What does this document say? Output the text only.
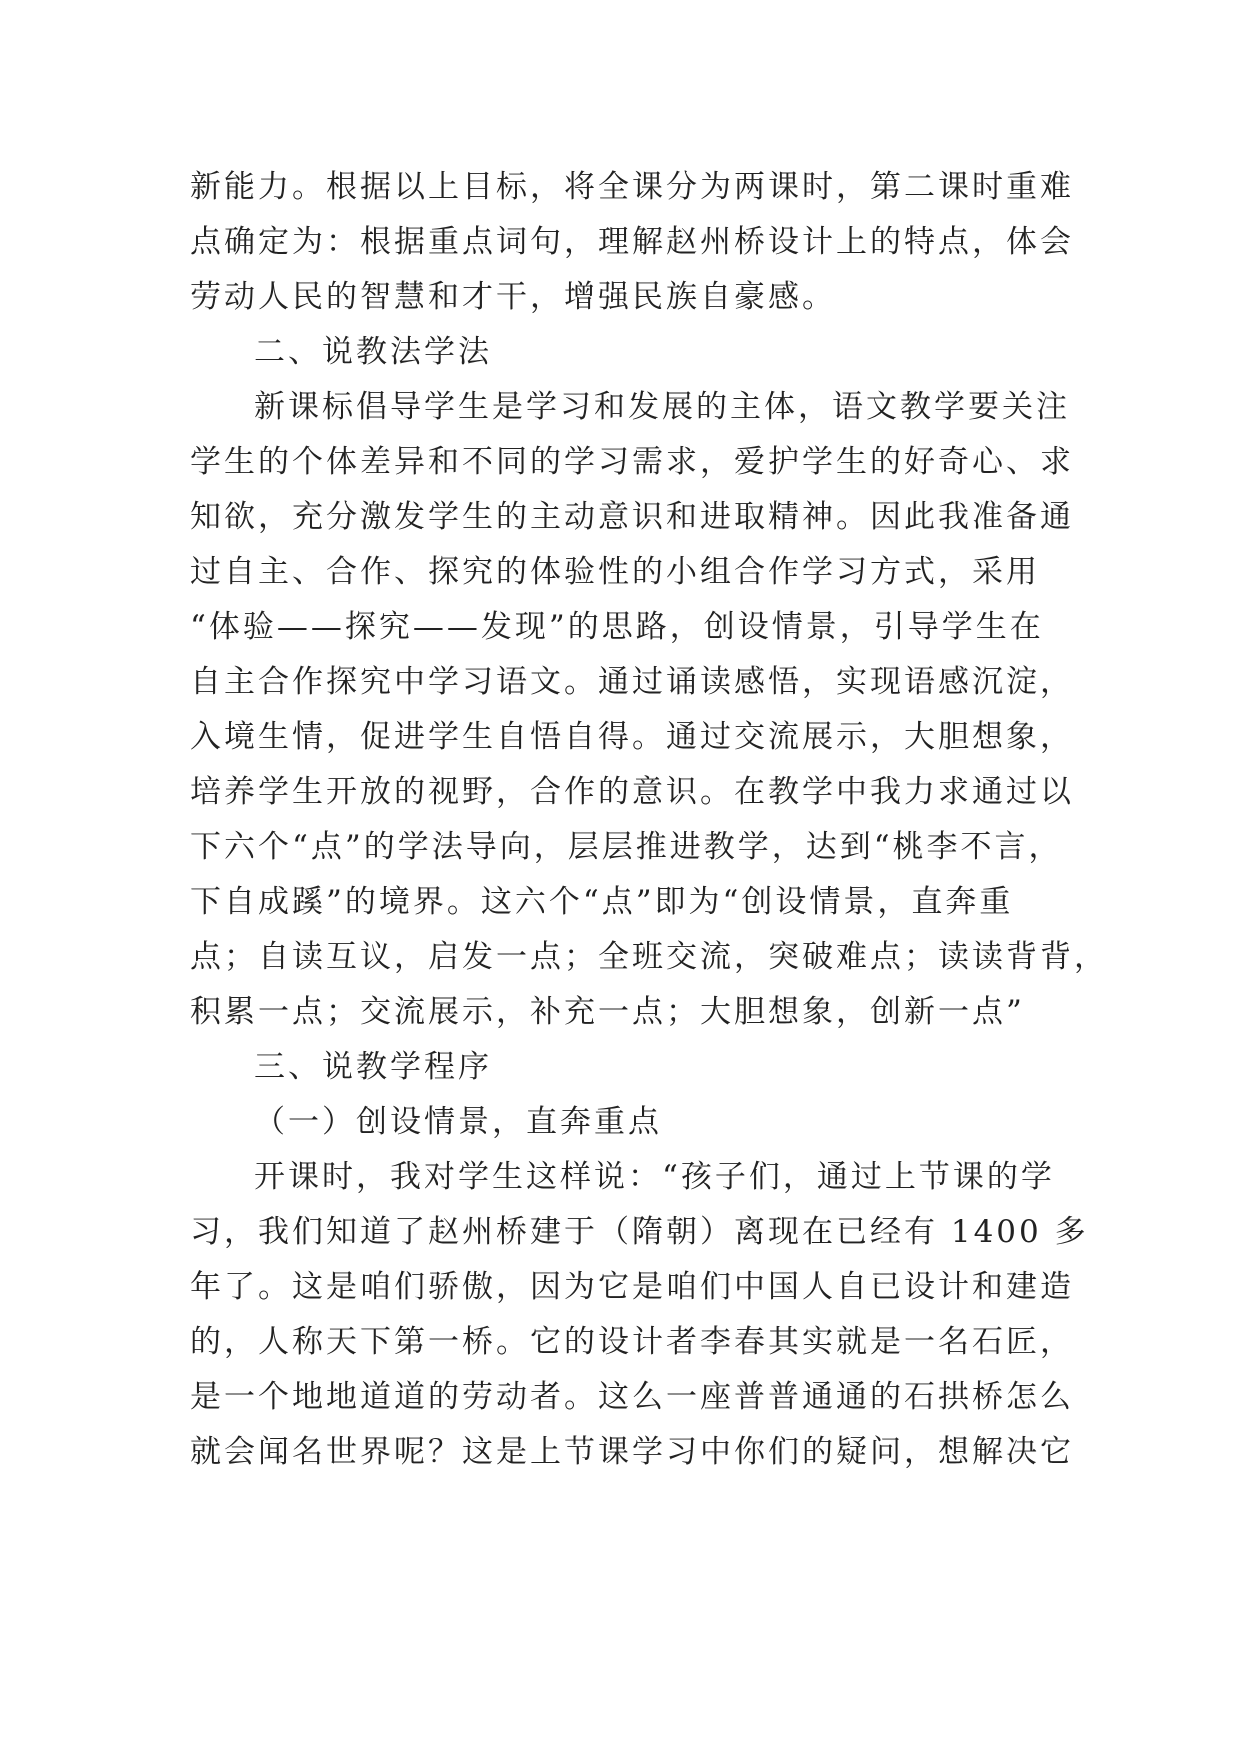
新能力。根据以上目标，将全课分为两课时，第二课时重难
点确定为：根据重点词句，理解赵州桥设计上的特点，体会
劳动人民的智慧和才干，增强民族自豪感。
二、说教法学法
新课标倡导学生是学习和发展的主体，语文教学要关注
学生的个体差异和不同的学习需求，爱护学生的好奇心、求
知欲，充分激发学生的主动意识和进取精神。因此我准备通
过自主、合作、探究的体验性的小组合作学习方式，采用
“体验——探究——发现”的思路，创设情景，引导学生在
自主合作探究中学习语文。通过诵读感悟，实现语感沉淀，
入境生情，促进学生自悟自得。通过交流展示，大胆想象，
培养学生开放的视野，合作的意识。在教学中我力求通过以
下六个“点”的学法导向，层层推进教学，达到“桃李不言，
下自成蹊”的境界。这六个“点”即为“创设情景，直奔重
点；自读互议，启发一点；全班交流，突破难点；读读背背，
积累一点；交流展示，补充一点；大胆想象，创新一点”
三、说教学程序
（一）创设情景，直奔重点
开课时，我对学生这样说：“孩子们，通过上节课的学
习，我们知道了赵州桥建于（隋朝）离现在已经有 1400 多
年了。这是咱们骄傲，因为它是咱们中国人自已设计和建造
的，人称天下第一桥。它的设计者李春其实就是一名石匠，
是一个地地道道的劳动者。这么一座普普通通的石拱桥怎么
就会闻名世界呢？这是上节课学习中你们的疑问，想解决它
